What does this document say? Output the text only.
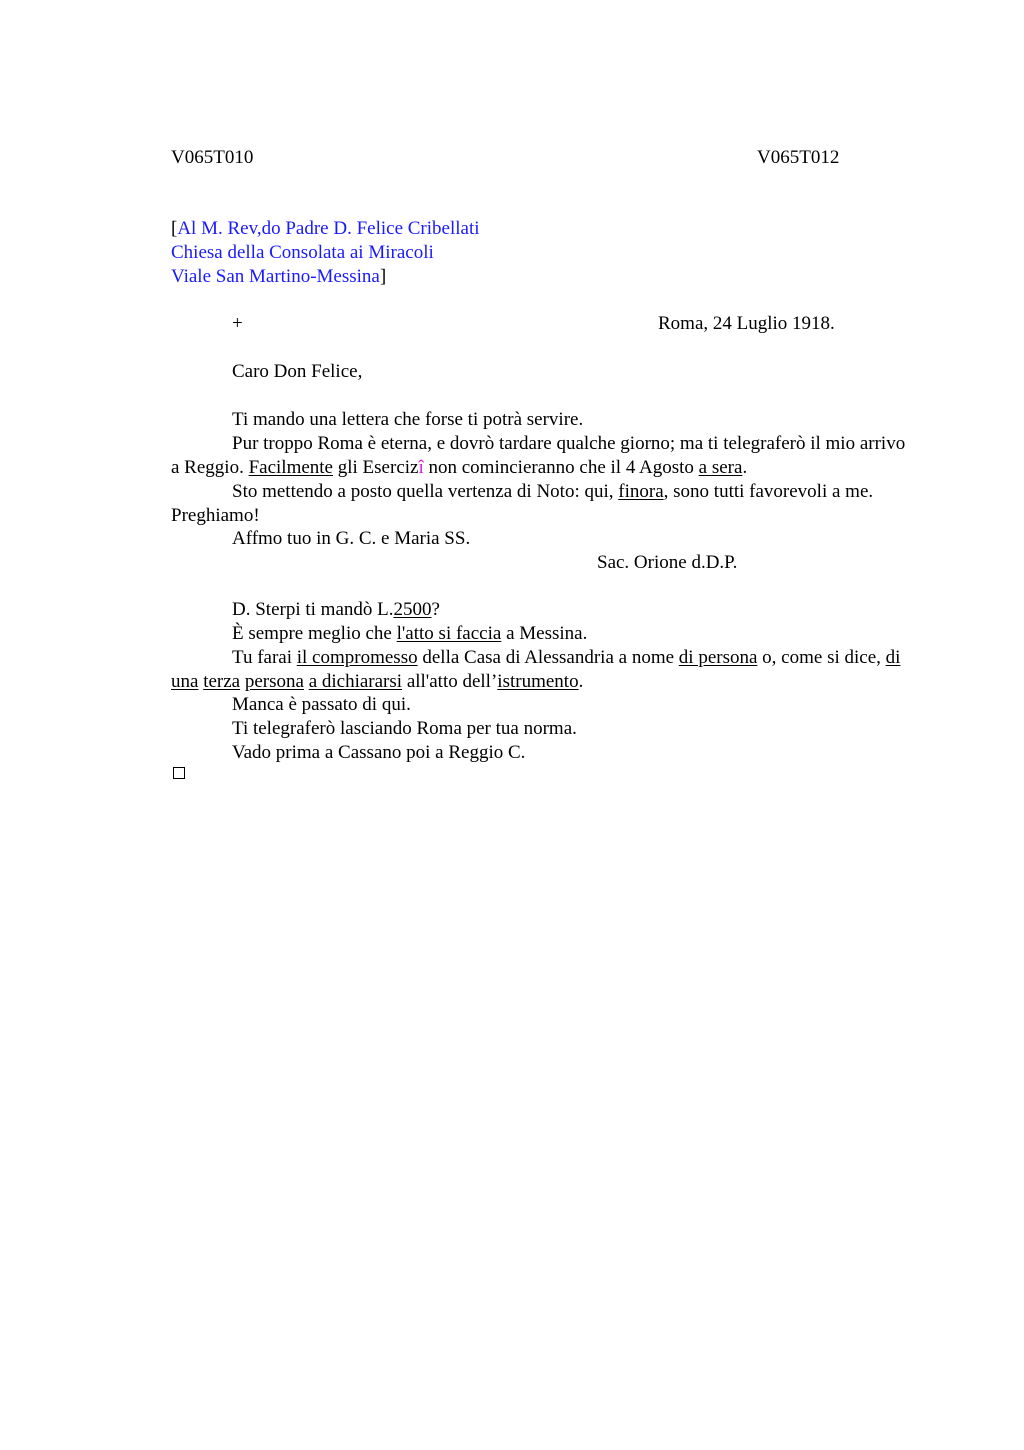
V065T010	V065T012
[Al M. Rev,do Padre D. Felice Cribellati
Chiesa della Consolata ai Miracoli
Viale San Martino-Messina]
+	Roma, 24 Luglio 1918.
Caro Don Felice,
Ti mando una lettera che forse ti potrà servire.

Pur troppo Roma è eterna, e dovrò tardare qualche giorno; ma ti telegraferò il mio arrivo a Reggio. Facilmente gli Esercizî non comincieranno che il 4 Agosto a sera.

Sto mettendo a posto quella vertenza di Noto: qui, finora, sono tutti favorevoli a me. Preghiamo!

Affmo tuo in G. C. e Maria SS.
Sac. Orione d.D.P.
D. Sterpi ti mandò L.2500?
È sempre meglio che l'atto si faccia a Messina.

Tu farai il compromesso della Casa di Alessandria a nome di persona o, come si dice, di una terza persona a dichiararsi all'atto dell’istrumento.

Manca è passato di qui.
Ti telegraferò lasciando Roma per tua norma.
Vado prima a Cassano poi a Reggio C.
